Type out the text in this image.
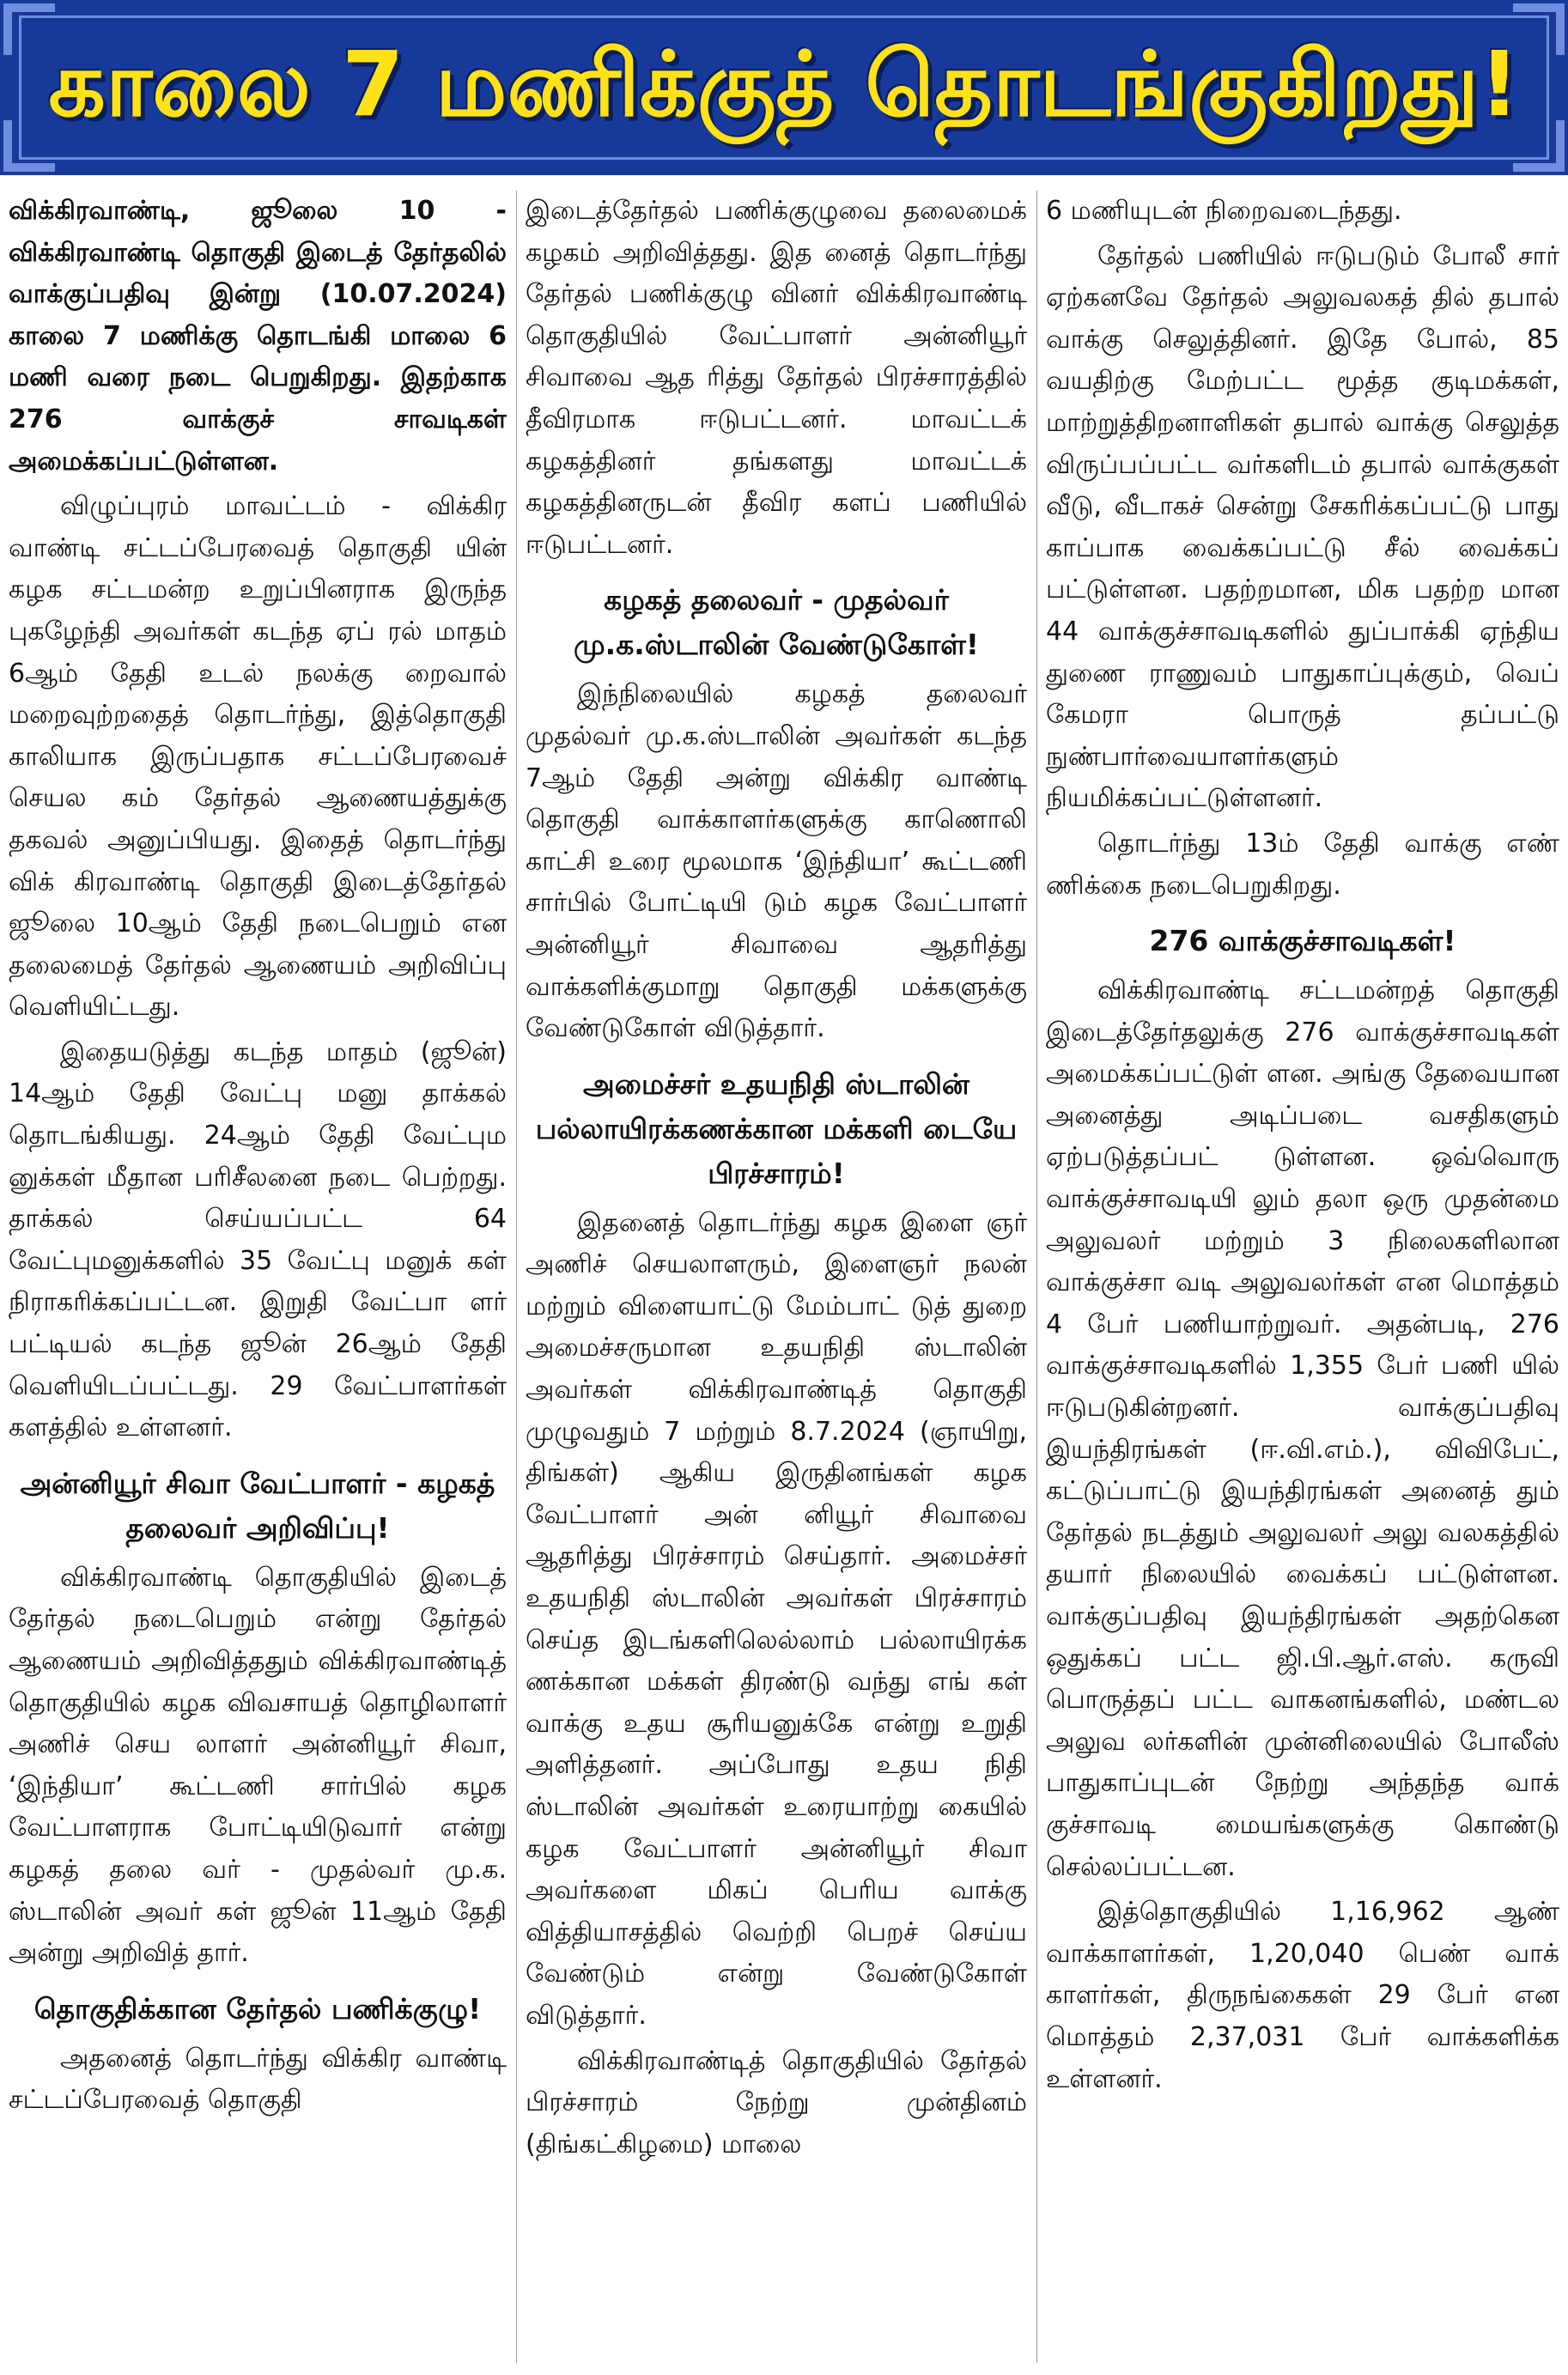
காலை 7 மணிக்குத் தொடங்குகிறது!

விக்கிரவாண்டி, ஜூலை 10 - விக்கிரவாண்டி தொகுதி இடைத் தேர்தலில் வாக்குப்பதிவு இன்று (10.07.2024) காலை 7 மணிக்கு தொடங்கி மாலை 6 மணி வரை நடை பெறுகிறது. இதற்காக 276 வாக்குச் சாவடிகள் அமைக்கப்பட்டுள்ளன.

விழுப்புரம் மாவட்டம் - விக்கிர வாண்டி சட்டப்பேரவைத் தொகுதி யின் கழக சட்டமன்ற உறுப்பினராக இருந்த புகழேந்தி அவர்கள் கடந்த ஏப் ரல் மாதம் 6ஆம் தேதி உடல் நலக்கு றைவால் மறைவுற்றதைத் தொடர்ந்து, இத்தொகுதி காலியாக இருப்பதாக சட்டப்பேரவைச் செயல கம் தேர்தல் ஆணையத்துக்கு தகவல் அனுப்பியது. இதைத் தொடர்ந்து விக் கிரவாண்டி தொகுதி இடைத்தேர்தல் ஜூலை 10ஆம் தேதி நடைபெறும் என தலைமைத் தேர்தல் ஆணையம் அறிவிப்பு வெளியிட்டது.

இதையடுத்து கடந்த மாதம் (ஜூன்) 14ஆம் தேதி வேட்பு மனு தாக்கல் தொடங்கியது. 24ஆம் தேதி வேட்பும னுக்கள் மீதான பரிசீலனை நடை பெற்றது. தாக்கல் செய்யப்பட்ட 64 வேட்புமனுக்களில் 35 வேட்பு மனுக் கள் நிராகரிக்கப்பட்டன. இறுதி வேட்பா ளர் பட்டியல் கடந்த ஜூன் 26ஆம் தேதி வெளியிடப்பட்டது. 29 வேட்பாளர்கள் களத்தில் உள்ளனர்.

அன்னியூர் சிவா வேட்பாளர் - கழகத் தலைவர் அறிவிப்பு!

விக்கிரவாண்டி தொகுதியில் இடைத் தேர்தல் நடைபெறும் என்று தேர்தல் ஆணையம் அறிவித்ததும் விக்கிரவாண்டித் தொகுதியில் கழக விவசாயத் தொழிலாளர் அணிச் செய லாளர் அன்னியூர் சிவா, ‘இந்தியா’ கூட்டணி சார்பில் கழக வேட்பாளராக போட்டியிடுவார் என்று கழகத் தலை வர் - முதல்வர் மு.க. ஸ்டாலின் அவர் கள் ஜூன் 11ஆம் தேதி அன்று அறிவித் தார்.

தொகுதிக்கான தேர்தல் பணிக்குழு!

அதனைத் தொடர்ந்து விக்கிர வாண்டி சட்டப்பேரவைத் தொகுதி

இடைத்தேர்தல் பணிக்குழுவை தலைமைக் கழகம் அறிவித்தது. இத னைத் தொடர்ந்து தேர்தல் பணிக்குழு வினர் விக்கிரவாண்டி தொகுதியில் வேட்பாளர் அன்னியூர் சிவாவை ஆத ரித்து தேர்தல் பிரச்சாரத்தில் தீவிரமாக ஈடுபட்டனர். மாவட்டக் கழகத்தினர் தங்களது மாவட்டக் கழகத்தினருடன் தீவிர களப் பணியில் ஈடுபட்டனர்.

கழகத் தலைவர் - முதல்வர் மு.க.ஸ்டாலின் வேண்டுகோள்!

இந்நிலையில் கழகத் தலைவர் முதல்வர் மு.க.ஸ்டாலின் அவர்கள் கடந்த 7ஆம் தேதி அன்று விக்கிர வாண்டி தொகுதி வாக்காளர்களுக்கு காணொலி காட்சி உரை மூலமாக ‘இந்தியா’ கூட்டணி சார்பில் போட்டியி டும் கழக வேட்பாளர் அன்னியூர் சிவாவை ஆதரித்து வாக்களிக்குமாறு தொகுதி மக்களுக்கு வேண்டுகோள் விடுத்தார்.

அமைச்சர் உதயநிதி ஸ்டாலின் பல்லாயிரக்கணக்கான மக்களி டையே பிரச்சாரம்!

இதனைத் தொடர்ந்து கழக இளை ஞர் அணிச் செயலாளரும், இளைஞர் நலன் மற்றும் விளையாட்டு மேம்பாட் டுத் துறை அமைச்சருமான உதயநிதி ஸ்டாலின் அவர்கள் விக்கிரவாண்டித் தொகுதி முழுவதும் 7 மற்றும் 8.7.2024 (ஞாயிறு, திங்கள்) ஆகிய இருதினங்கள் கழக வேட்பாளர் அன் னியூர் சிவாவை ஆதரித்து பிரச்சாரம் செய்தார். அமைச்சர் உதயநிதி ஸ்டாலின் அவர்கள் பிரச்சாரம் செய்த இடங்களிலெல்லாம் பல்லாயிரக்க ணக்கான மக்கள் திரண்டு வந்து எங் கள் வாக்கு உதய சூரியனுக்கே என்று உறுதி அளித்தனர். அப்போது உதய நிதி ஸ்டாலின் அவர்கள் உரையாற்று கையில் கழக வேட்பாளர் அன்னியூர் சிவா அவர்களை மிகப் பெரிய வாக்கு வித்தியாசத்தில் வெற்றி பெறச் செய்ய வேண்டும் என்று வேண்டுகோள் விடுத்தார்.

விக்கிரவாண்டித் தொகுதியில் தேர்தல் பிரச்சாரம் நேற்று முன்தினம் (திங்கட்கிழமை) மாலை

6 மணியுடன் நிறைவடைந்தது.

தேர்தல் பணியில் ஈடுபடும் போலீ சார் ஏற்கனவே தேர்தல் அலுவலகத் தில் தபால் வாக்கு செலுத்தினர். இதே போல், 85 வயதிற்கு மேற்பட்ட மூத்த குடிமக்கள், மாற்றுத்திறனாளிகள் தபால் வாக்கு செலுத்த விருப்பப்பட்ட வர்களிடம் தபால் வாக்குகள் வீடு, வீடாகச் சென்று சேகரிக்கப்பட்டு பாது காப்பாக வைக்கப்பட்டு சீல் வைக்கப் பட்டுள்ளன. பதற்றமான, மிக பதற்ற மான 44 வாக்குச்சாவடிகளில் துப்பாக்கி ஏந்திய துணை ராணுவம் பாதுகாப்புக்கும், வெப் கேமரா பொருத் தப்பட்டு நுண்பார்வையாளர்களும் நியமிக்கப்பட்டுள்ளனர்.

தொடர்ந்து 13ம் தேதி வாக்கு எண் ணிக்கை நடைபெறுகிறது.

276 வாக்குச்சாவடிகள்!

விக்கிரவாண்டி சட்டமன்றத் தொகுதி இடைத்தேர்தலுக்கு 276 வாக்குச்சாவடிகள் அமைக்கப்பட்டுள் ளன. அங்கு தேவையான அனைத்து அடிப்படை வசதிகளும் ஏற்படுத்தப்பட் டுள்ளன. ஒவ்வொரு வாக்குச்சாவடியி லும் தலா ஒரு முதன்மை அலுவலர் மற்றும் 3 நிலைகளிலான வாக்குச்சா வடி அலுவலர்கள் என மொத்தம் 4 பேர் பணியாற்றுவர். அதன்படி, 276 வாக்குச்சாவடிகளில் 1,355 பேர் பணி யில் ஈடுபடுகின்றனர். வாக்குப்பதிவு இயந்திரங்கள் (ஈ.வி.எம்.), விவிபேட், கட்டுப்பாட்டு இயந்திரங்கள் அனைத் தும் தேர்தல் நடத்தும் அலுவலர் அலு வலகத்தில் தயார் நிலையில் வைக்கப் பட்டுள்ளன. வாக்குப்பதிவு இயந்திரங்கள் அதற்கென ஒதுக்கப் பட்ட ஜி.பி.ஆர்.எஸ். கருவி பொருத்தப் பட்ட வாகனங்களில், மண்டல அலுவ லர்களின் முன்னிலையில் போலீஸ் பாதுகாப்புடன் நேற்று அந்தந்த வாக் குச்சாவடி மையங்களுக்கு கொண்டு செல்லப்பட்டன.

இத்தொகுதியில் 1,16,962 ஆண் வாக்காளர்கள், 1,20,040 பெண் வாக் காளர்கள், திருநங்கைகள் 29 பேர் என மொத்தம் 2,37,031 பேர் வாக்களிக்க உள்ளனர்.
